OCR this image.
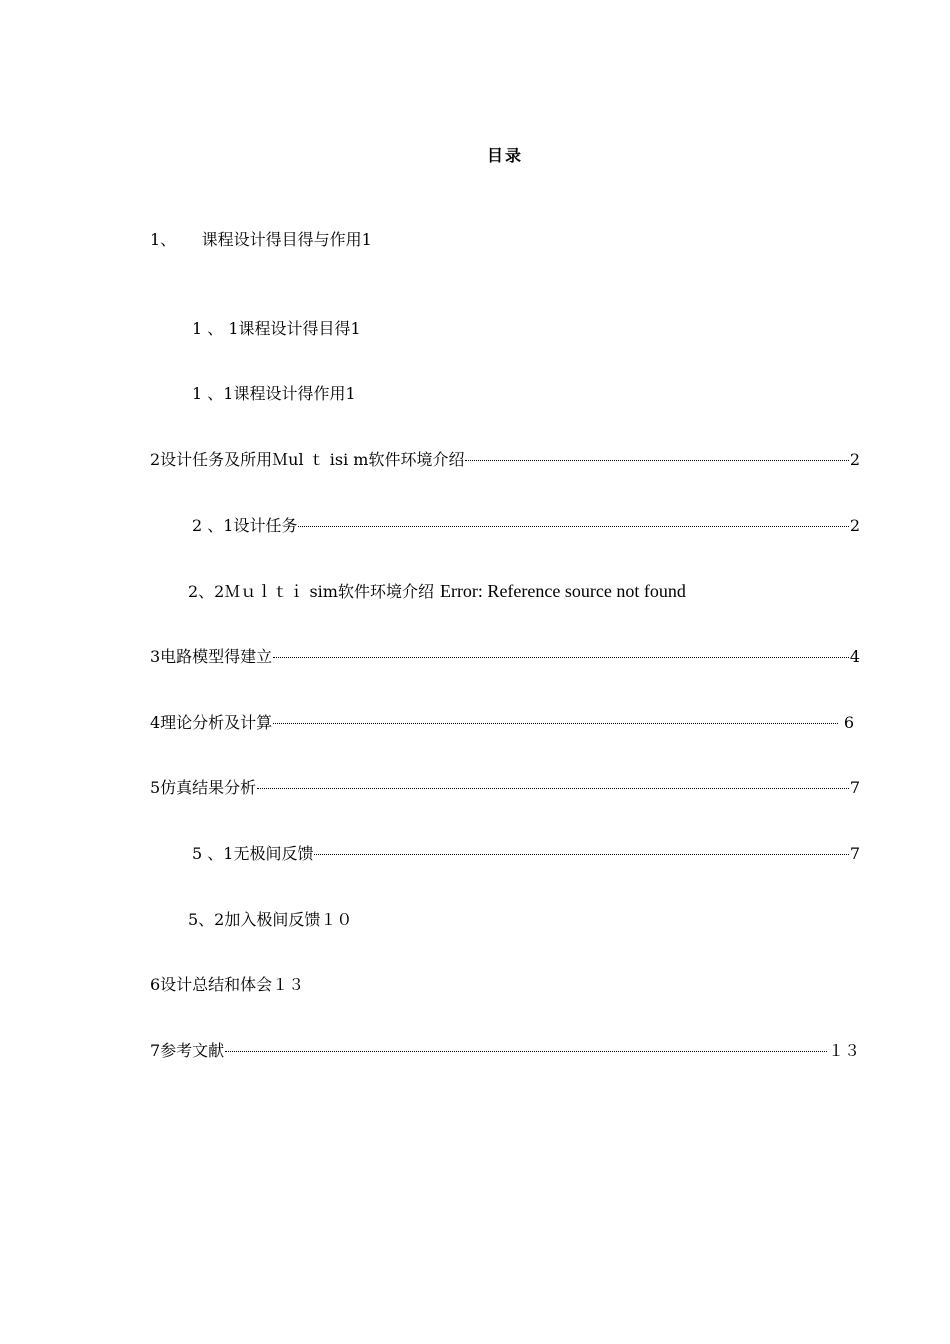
目录
1、     课程设计得目得与作用1
1 、 1课程设计得目得1
1 、1课程设计得作用1
2设计任务及所用Ｍul ｔ isi m软件环境介绍	2
2 、1设计任务	2
2、2Ｍｕｌｔｉ sim软件环境介绍 Error: Reference source not found
3电路模型得建立	4
4理论分析及计算	6
5仿真结果分析	7
5 、1无极间反馈	7
5、2加入极间反馈１０
6设计总结和体会１３
7参考文献	１３
